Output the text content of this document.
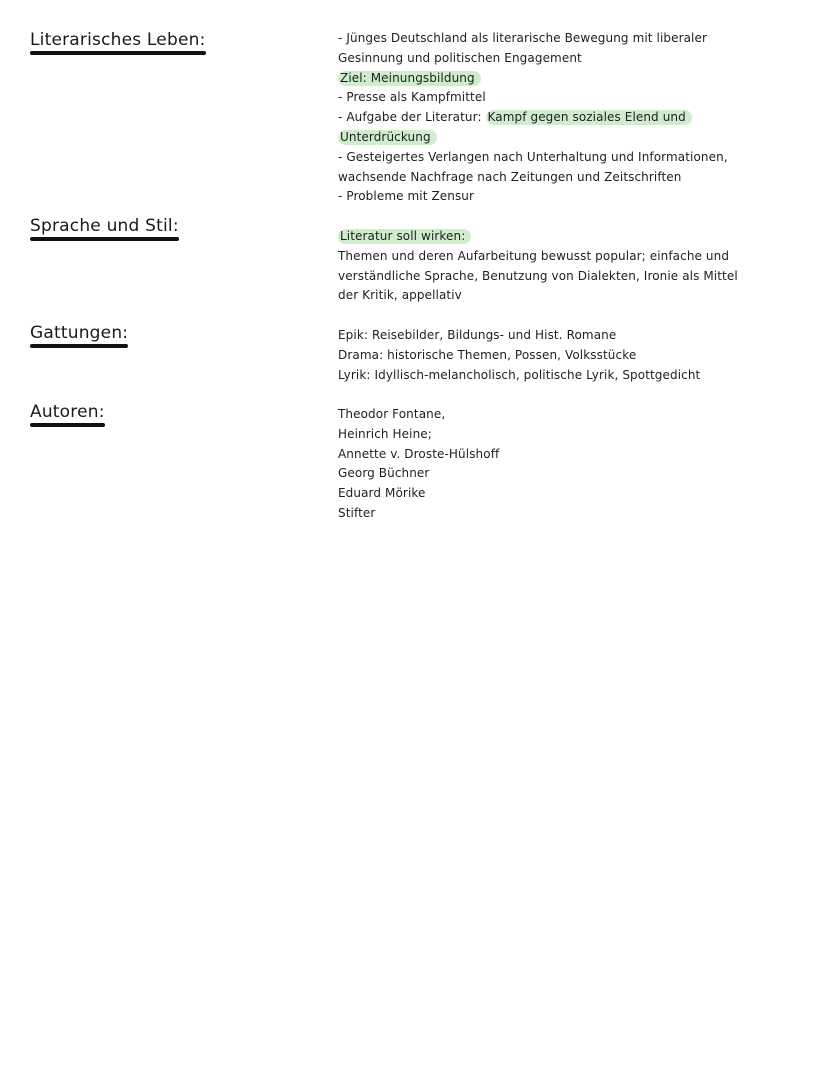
Literarisches Leben:	- Jünges Deutschland als literarische Bewegung mit liberaler
Gesinnung und politischen Engagement
Ziel: Meinungsbildung
- Presse als Kampfmittel
- Aufgabe der Literatur: Kampf gegen soziales Elend und
Unterdrückung
- Gesteigertes Verlangen nach Unterhaltung und Informationen,
wachsende Nachfrage nach Zeitungen und Zeitschriften
- Probleme mit Zensur
Sprache und Stil:	Literatur soll wirken:
Themen und deren Aufarbeitung bewusst popular; einfache und
verständliche Sprache, Benutzung von Dialekten, Ironie als Mittel
der Kritik, appellativ
Gattungen:	Epik: Reisebilder, Bildungs- und Hist. Romane
Drama: historische Themen, Possen, Volksstücke
Lyrik: Idyllisch-melancholisch, politische Lyrik, Spottgedicht
Autoren:	Theodor Fontane,
Heinrich Heine;
Annette v. Droste-Hülshoff
Georg Büchner
Eduard Mörike
Stifter
